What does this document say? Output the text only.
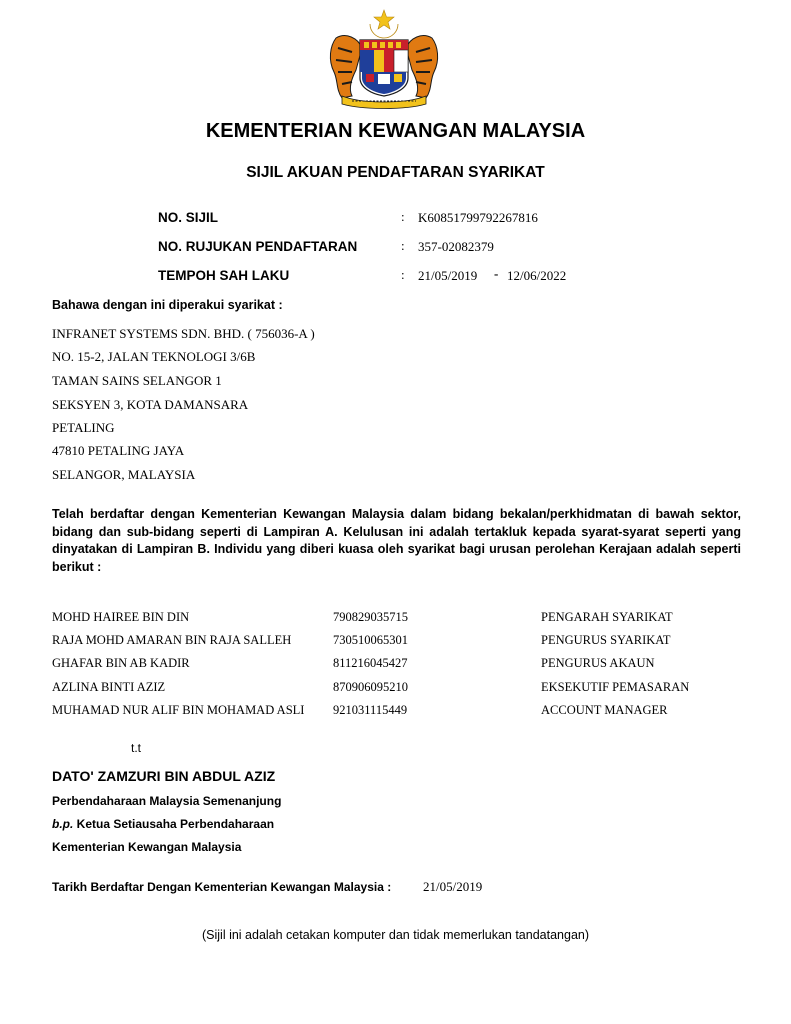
KEMENTERIAN KEWANGAN MALAYSIA
SIJIL AKUAN PENDAFTARAN SYARIKAT
NO. SIJIL	: K60851799792267816
NO. RUJUKAN PENDAFTARAN	: 357-02082379
TEMPOH SAH LAKU	: 21/05/2019 - 12/06/2022
Bahawa dengan ini diperakui syarikat :
INFRANET SYSTEMS SDN. BHD. ( 756036-A )
NO. 15-2, JALAN TEKNOLOGI 3/6B
TAMAN SAINS SELANGOR 1
SEKSYEN 3, KOTA DAMANSARA
PETALING
47810 PETALING JAYA
SELANGOR, MALAYSIA
Telah berdaftar dengan Kementerian Kewangan Malaysia dalam bidang bekalan/perkhidmatan di bawah sektor, bidang dan sub-bidang seperti di Lampiran A. Kelulusan ini adalah tertakluk kepada syarat-syarat seperti yang dinyatakan di Lampiran B. Individu yang diberi kuasa oleh syarikat bagi urusan perolehan Kerajaan adalah seperti berikut :
MOHD HAIREE BIN DIN	790829035715	PENGARAH SYARIKAT
RAJA MOHD AMARAN BIN RAJA SALLEH	730510065301	PENGURUS SYARIKAT
GHAFAR BIN AB KADIR	811216045427	PENGURUS AKAUN
AZLINA BINTI AZIZ	870906095210	EKSEKUTIF PEMASARAN
MUHAMAD NUR ALIF BIN MOHAMAD ASLI 921031115449	ACCOUNT MANAGER
t.t
DATO' ZAMZURI BIN ABDUL AZIZ
Perbendaharaan Malaysia Semenanjung
b.p. Ketua Setiausaha Perbendaharaan
Kementerian Kewangan Malaysia
Tarikh Berdaftar Dengan Kementerian Kewangan Malaysia : 21/05/2019
(Sijil ini adalah cetakan komputer dan tidak memerlukan tandatangan)
